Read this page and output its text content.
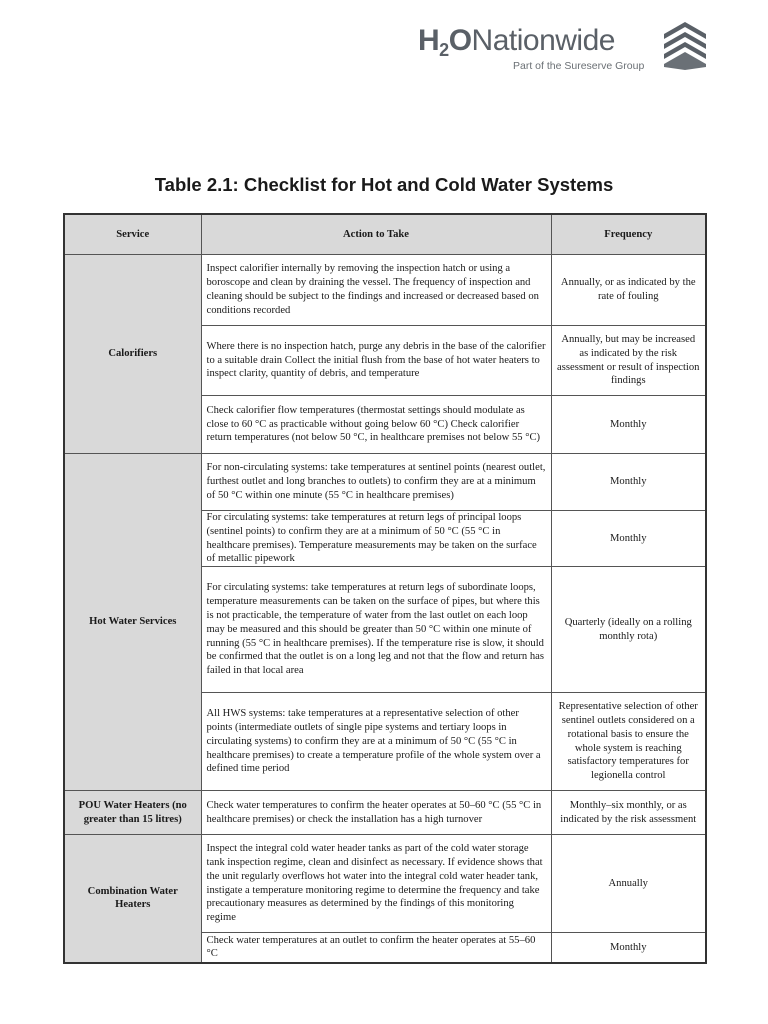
$H_2ONationwide$
Part of the Sureserve Group
Table 2.1: Checklist for Hot and Cold Water Systems
Service	Action to Take	Frequency
Calorifiers	Inspect calorifier internally by removing the inspection hatch or using a boroscope and clean by draining the vessel. The frequency of inspection and cleaning should be subject to the findings and increased or decreased based on conditions recorded	Annually, or as indicated by the rate of fouling
	Where there is no inspection hatch, purge any debris in the base of the calorifier to a suitable drain Collect the initial flush from the base of hot water heaters to inspect clarity, quantity of debris, and temperature	Annually, but may be increased as indicated by the risk assessment or result of inspection findings
	Check calorifier flow temperatures (thermostat settings should modulate as close to 60 °C as practicable without going below 60 °C) Check calorifier return temperatures (not below 50 °C, in healthcare premises not below 55 °C)	Monthly
Hot Water Services	For non-circulating systems: take temperatures at sentinel points (nearest outlet, furthest outlet and long branches to outlets) to confirm they are at a minimum of 50 °C within one minute (55 °C in healthcare premises)	Monthly
	For circulating systems: take temperatures at return legs of principal loops (sentinel points) to confirm they are at a minimum of 50 °C (55 °C in healthcare premises). Temperature measurements may be taken on the surface of metallic pipework	Monthly
	For circulating systems: take temperatures at return legs of subordinate loops, temperature measurements can be taken on the surface of pipes, but where this is not practicable, the temperature of water from the last outlet on each loop may be measured and this should be greater than 50 °C within one minute of running (55 °C in healthcare premises). If the temperature rise is slow, it should be confirmed that the outlet is on a long leg and not that the flow and return has failed in that local area	Quarterly (ideally on a rolling monthly rota)
	All HWS systems: take temperatures at a representative selection of other points (intermediate outlets of single pipe systems and tertiary loops in circulating systems) to confirm they are at a minimum of 50 °C (55 °C in healthcare premises) to create a temperature profile of the whole system over a defined time period	Representative selection of other sentinel outlets considered on a rotational basis to ensure the whole system is reaching satisfactory temperatures for legionella control
POU Water Heaters (no greater than 15 litres)	Check water temperatures to confirm the heater operates at 50–60 °C (55 °C in healthcare premises) or check the installation has a high turnover	Monthly–six monthly, or as indicated by the risk assessment
Combination Water Heaters	Inspect the integral cold water header tanks as part of the cold water storage tank inspection regime, clean and disinfect as necessary. If evidence shows that the unit regularly overflows hot water into the integral cold water header tank, instigate a temperature monitoring regime to determine the frequency and take precautionary measures as determined by the findings of this monitoring regime	Annually
	Check water temperatures at an outlet to confirm the heater operates at 55–60 °C	Monthly
